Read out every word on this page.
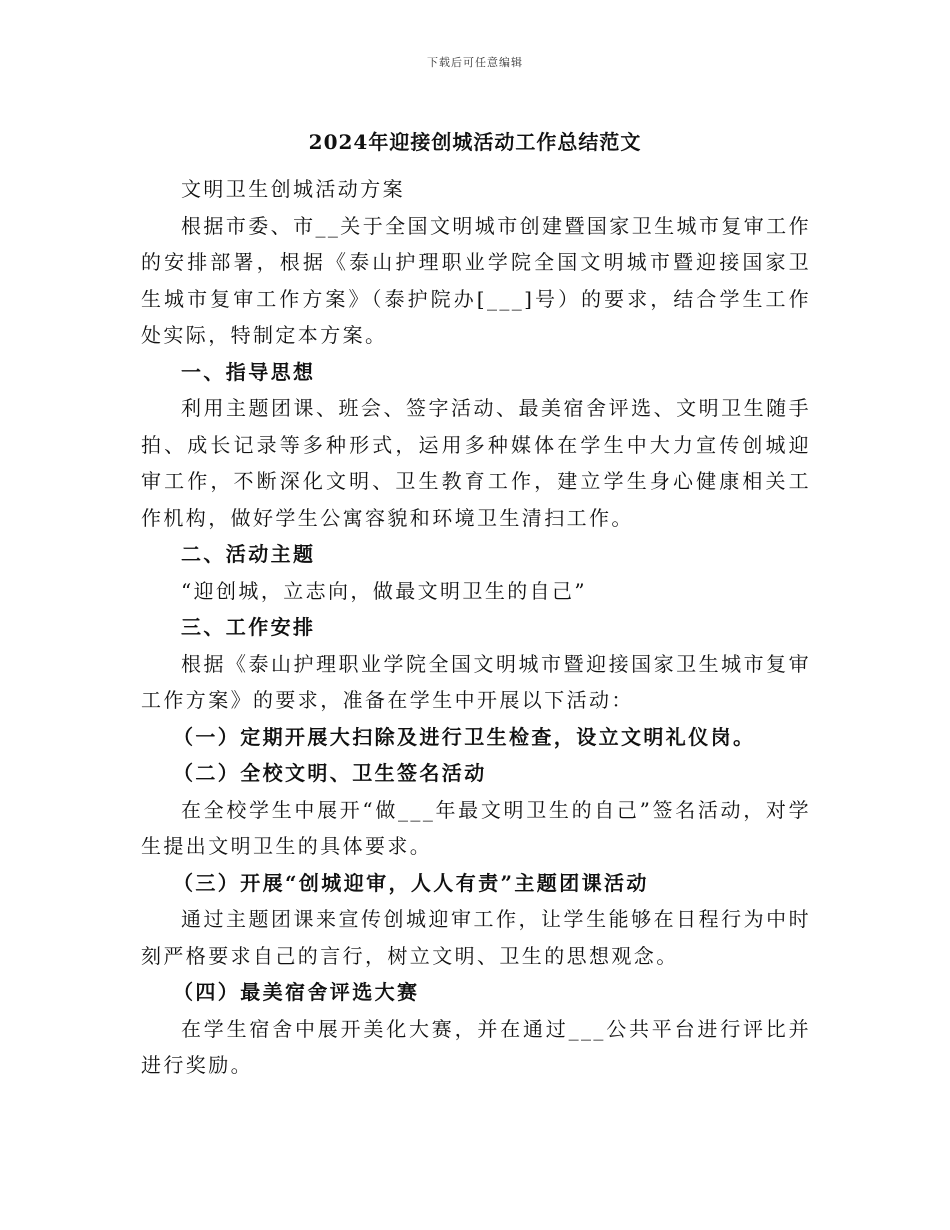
下载后可任意编辑
2024年迎接创城活动工作总结范文

文明卫生创城活动方案

根据市委、市__关于全国文明城市创建暨国家卫生城市复审工作的安排部署，根据《泰山护理职业学院全国文明城市暨迎接国家卫生城市复审工作方案》（泰护院办[___]号）的要求，结合学生工作处实际，特制定本方案。

一、指导思想

利用主题团课、班会、签字活动、最美宿舍评选、文明卫生随手拍、成长记录等多种形式，运用多种媒体在学生中大力宣传创城迎审工作，不断深化文明、卫生教育工作，建立学生身心健康相关工作机构，做好学生公寓容貌和环境卫生清扫工作。

二、活动主题

“迎创城，立志向，做最文明卫生的自己”

三、工作安排

根据《泰山护理职业学院全国文明城市暨迎接国家卫生城市复审工作方案》的要求，准备在学生中开展以下活动：

（一）定期开展大扫除及进行卫生检查，设立文明礼仪岗。

（二）全校文明、卫生签名活动

在全校学生中展开“做___年最文明卫生的自己”签名活动，对学生提出文明卫生的具体要求。

（三）开展“创城迎审，人人有责”主题团课活动

通过主题团课来宣传创城迎审工作，让学生能够在日程行为中时刻严格要求自己的言行，树立文明、卫生的思想观念。

（四）最美宿舍评选大赛

在学生宿舍中展开美化大赛，并在通过___公共平台进行评比并进行奖励。
